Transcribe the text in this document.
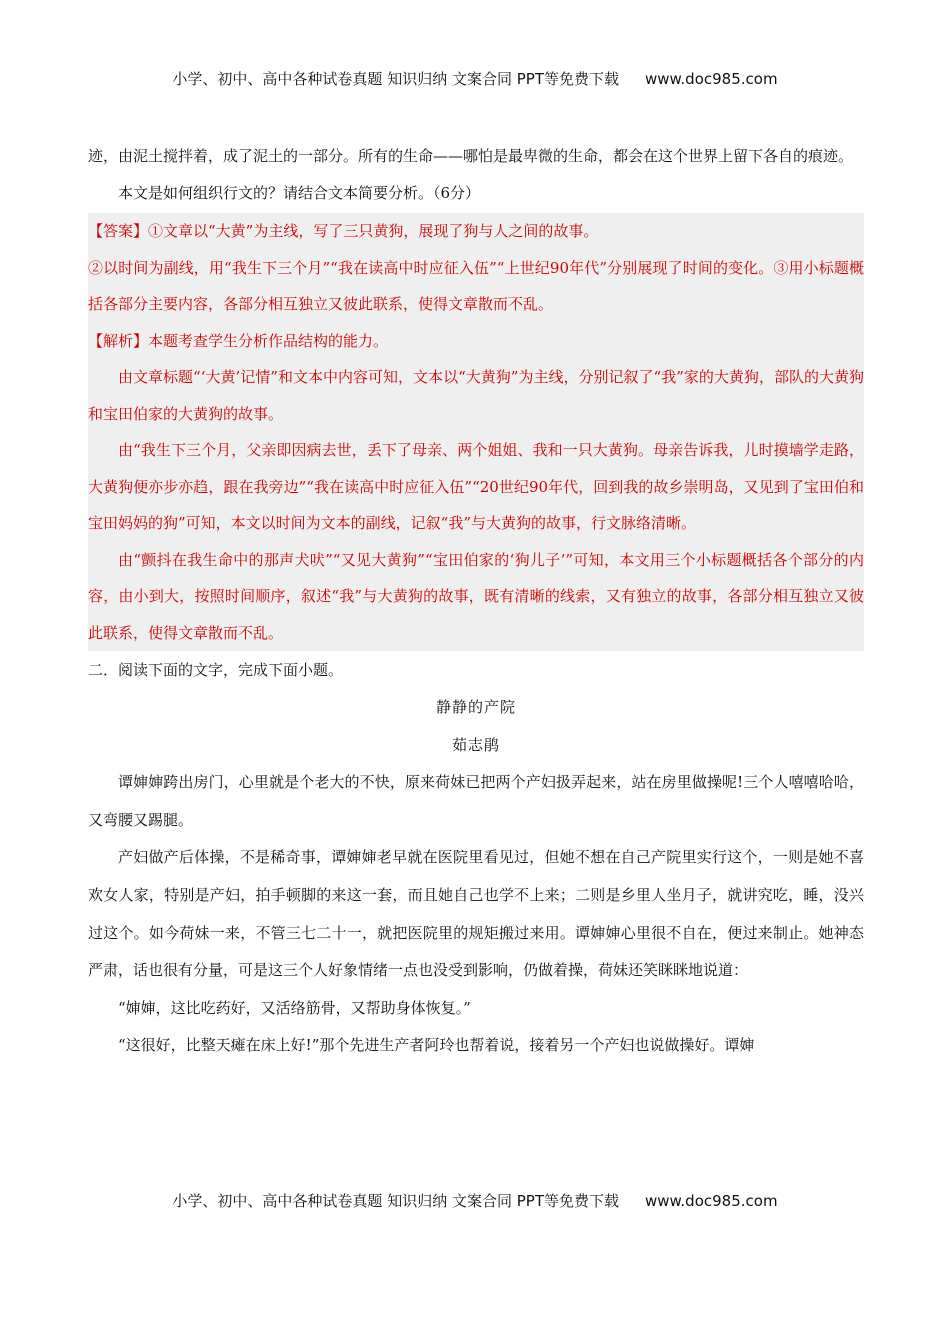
小学、初中、高中各种试卷真题 知识归纳 文案合同 PPT等免费下载 www.doc985.com

迹，由泥土搅拌着，成了泥土的一部分。所有的生命——哪怕是最卑微的生命，都会在这个世界上留下各自的痕迹。

本文是如何组织行文的？请结合文本简要分析。（6分）

【答案】①文章以“大黄”为主线，写了三只黄狗，展现了狗与人之间的故事。

②以时间为副线，用“我生下三个月”“我在读高中时应征入伍”“上世纪90年代”分别展现了时间的变化。③用小标题概括各部分主要内容，各部分相互独立又彼此联系，使得文章散而不乱。

【解析】本题考查学生分析作品结构的能力。

由文章标题“‘大黄’记情”和文本中内容可知，文本以“大黄狗”为主线，分别记叙了“我”家的大黄狗，部队的大黄狗和宝田伯家的大黄狗的故事。

由“我生下三个月，父亲即因病去世，丢下了母亲、两个姐姐、我和一只大黄狗。母亲告诉我，儿时摸墙学走路，大黄狗便亦步亦趋，跟在我旁边”“我在读高中时应征入伍”“20世纪90年代，回到我的故乡崇明岛，又见到了宝田伯和宝田妈妈的狗”可知，本文以时间为文本的副线，记叙“我”与大黄狗的故事，行文脉络清晰。

由“颤抖在我生命中的那声犬吠”“又见大黄狗”“宝田伯家的‘狗儿子’”可知，本文用三个小标题概括各个部分的内容，由小到大，按照时间顺序，叙述“我”与大黄狗的故事，既有清晰的线索，又有独立的故事，各部分相互独立又彼此联系，使得文章散而不乱。

二．阅读下面的文字，完成下面小题。

静静的产院

茹志鹃

谭婶婶跨出房门，心里就是个老大的不快，原来荷妹已把两个产妇扱弄起来，站在房里做操呢!三个人嘻嘻哈哈，又弯腰又踢腿。

产妇做产后体操，不是稀奇事，谭婶婶老早就在医院里看见过，但她不想在自己产院里实行这个，一则是她不喜欢女人家，特别是产妇，拍手顿脚的来这一套，而且她自己也学不上来；二则是乡里人坐月子，就讲究吃，睡，没兴过这个。如今荷妹一来，不管三七二十一，就把医院里的规矩搬过来用。谭婶婶心里很不自在，便过来制止。她神态严肃，话也很有分量，可是这三个人好象情绪一点也没受到影响，仍做着操，荷妹还笑眯眯地说道：

“婶婶，这比吃药好，又活络筋骨，又帮助身体恢复。”

“这很好，比整天瘫在床上好!”那个先进生产者阿玲也帮着说，接着另一个产妇也说做操好。谭婶

小学、初中、高中各种试卷真题 知识归纳 文案合同 PPT等免费下载 www.doc985.com
